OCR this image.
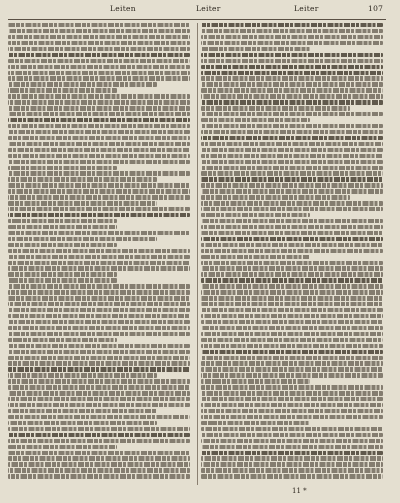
Leiten	Leiter	Leiter	107
11 *
